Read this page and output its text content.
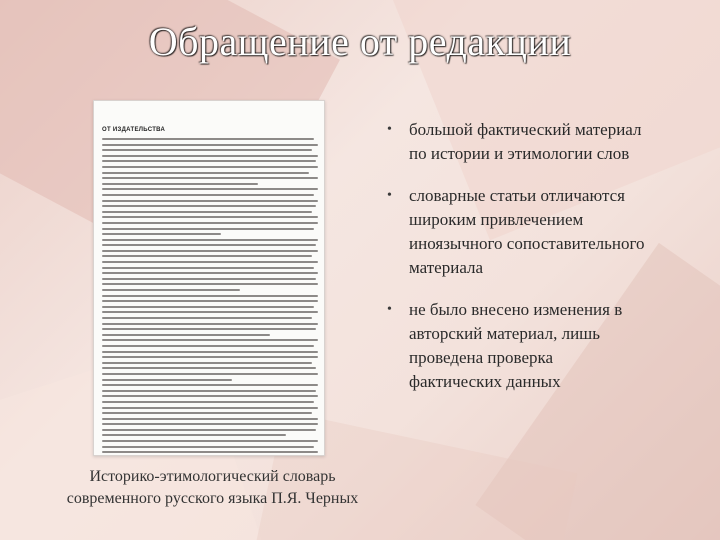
Обращение от редакции
ОТ ИЗДАТЕЛЬСТВА
Историко-этимологический словарь
современного русского языка П.Я. Черных
• большой фактический материал
по истории и этимологии слов
• словарные статьи отличаются
широким привлечением
иноязычного сопоставительного
материала
• не было внесено изменения в
авторский материал, лишь
проведена проверка
фактических данных
